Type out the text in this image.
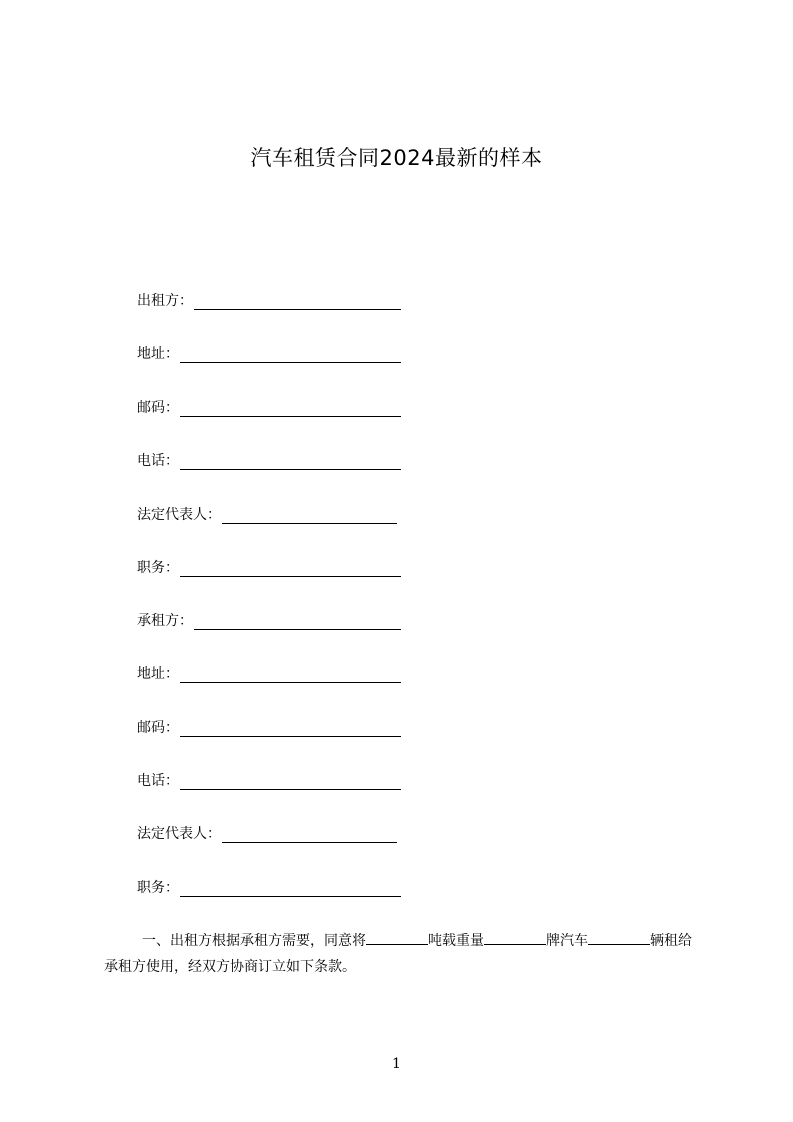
汽车租赁合同2024最新的样本
出租方：
地址：
邮码：
电话：
法定代表人：
职务：
承租方：
地址：
邮码：
电话：
法定代表人：
职务：

一、出租方根据承租方需要，同意将	吨载重量	牌汽车	辆租给承租方使用，经双方协商订立如下条款。

1
